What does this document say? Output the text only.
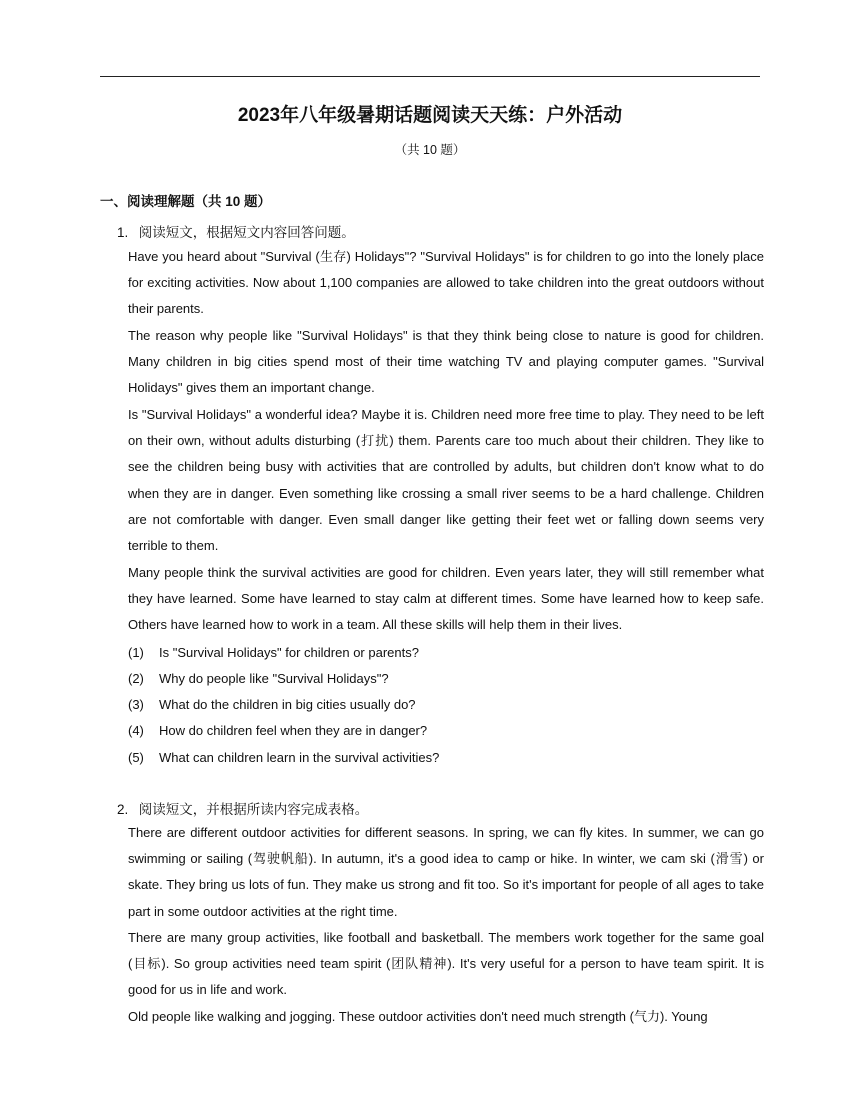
2023年八年级暑期话题阅读天天练：户外活动
（共 10 题）
一、阅读理解题（共 10 题）
1. 阅读短文，根据短文内容回答问题。
Have you heard about "Survival (生存) Holidays"? "Survival Holidays" is for children to go into the lonely place for exciting activities. Now about 1,100 companies are allowed to take children into the great outdoors without their parents.
The reason why people like "Survival Holidays" is that they think being close to nature is good for children. Many children in big cities spend most of their time watching TV and playing computer games. "Survival Holidays" gives them an important change.
Is "Survival Holidays" a wonderful idea? Maybe it is. Children need more free time to play. They need to be left on their own, without adults disturbing (打扰) them. Parents care too much about their children. They like to see the children being busy with activities that are controlled by adults, but children don't know what to do when they are in danger. Even something like crossing a small river seems to be a hard challenge. Children are not comfortable with danger. Even small danger like getting their feet wet or falling down seems very terrible to them.
Many people think the survival activities are good for children. Even years later, they will still remember what they have learned. Some have learned to stay calm at different times. Some have learned how to keep safe. Others have learned how to work in a team. All these skills will help them in their lives.
(1) Is "Survival Holidays" for children or parents?
(2) Why do people like "Survival Holidays"?
(3) What do the children in big cities usually do?
(4) How do children feel when they are in danger?
(5) What can children learn in the survival activities?
2. 阅读短文，并根据所读内容完成表格。
There are different outdoor activities for different seasons. In spring, we can fly kites. In summer, we can go swimming or sailing (驾驶帆船). In autumn, it's a good idea to camp or hike. In winter, we cam ski (滑雪) or skate. They bring us lots of fun. They make us strong and fit too. So it's important for people of all ages to take part in some outdoor activities at the right time.
There are many group activities, like football and basketball. The members work together for the same goal (目标). So group activities need team spirit (团队精神). It's very useful for a person to have team spirit. It is good for us in life and work.
Old people like walking and jogging. These outdoor activities don't need much strength (气力). Young
